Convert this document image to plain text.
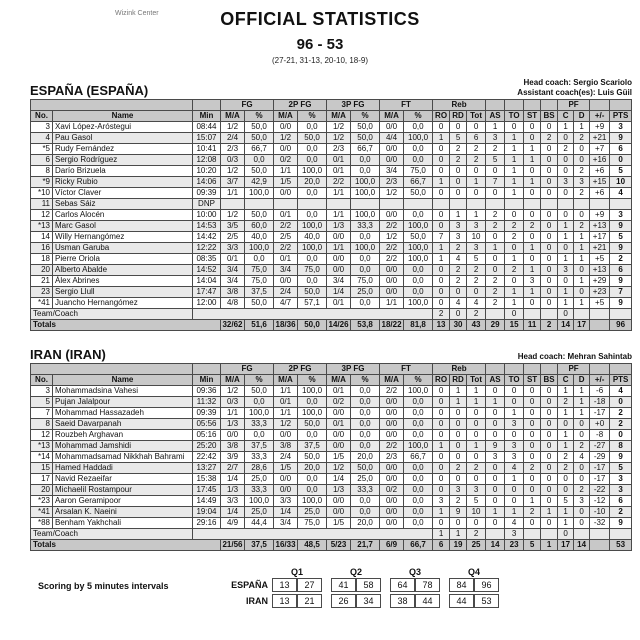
Wizink Center	OFFICIAL STATISTICS
96 - 53
(27-21, 31-13, 20-10, 18-9)
ESPAÑA (ESPAÑA)
Head coach: Sergio Scariolo
Assistant coach(es): Luis Güil
			FG		2P FG		3P FG		FT		Reb							PF			
No.	Name	Min	M/A	%	M/A	%	M/A	%	M/A	%	RO	RD	Tot	AS	TO	ST	BS	C	D	+/-	PTS
3	Xavi López-Aróstegui	08:44	1/2	50,0	0/0	0,0	1/2	50,0	0/0	0,0	0	0	0	1	0	0	0	1	1	+9	3
4	Pau Gasol	15:07	2/4	50,0	1/2	50,0	1/2	50,0	4/4	100,0	1	5	6	3	1	0	2	0	2	+21	9
*5	Rudy Fernández	10:41	2/3	66,7	0/0	0,0	2/3	66,7	0/0	0,0	0	2	2	2	1	1	0	2	0	+7	6
6	Sergio Rodríguez	12:08	0/3	0,0	0/2	0,0	0/1	0,0	0/0	0,0	0	2	2	5	1	1	0	0	0	+16	0
8	Darío Brizuela	10:20	1/2	50,0	1/1	100,0	0/1	0,0	3/4	75,0	0	0	0	0	1	0	0	0	2	+6	5
*9	Ricky Rubio	14:06	3/7	42,9	1/5	20,0	2/2	100,0	2/3	66,7	1	0	1	7	1	1	0	3	3	+15	10
*10	Víctor Claver	09:39	1/1	100,0	0/0	0,0	1/1	100,0	1/2	50,0	0	0	0	0	1	0	0	0	2	+6	4
11	Sebas Sáiz	DNP																			
12	Carlos Alocén	10:00	1/2	50,0	0/1	0,0	1/1	100,0	0/0	0,0	0	1	1	2	0	0	0	0	0	+9	3
*13	Marc Gasol	14:53	3/5	60,0	2/2	100,0	1/3	33,3	2/2	100,0	0	3	3	2	2	2	0	1	2	+13	9
14	Willy Hernangómez	14:42	2/5	40,0	2/5	40,0	0/0	0,0	1/2	50,0	7	3	10	0	2	0	0	1	1	+17	5
16	Usman Garuba	12:22	3/3	100,0	2/2	100,0	1/1	100,0	2/2	100,0	1	2	3	1	0	1	0	0	1	+21	9
18	Pierre Oriola	08:35	0/1	0,0	0/1	0,0	0/0	0,0	2/2	100,0	1	4	5	0	1	0	0	1	1	+5	2
20	Alberto Abalde	14:52	3/4	75,0	3/4	75,0	0/0	0,0	0/0	0,0	0	2	2	0	2	1	0	3	0	+13	6
21	Álex Abrines	14:04	3/4	75,0	0/0	0,0	3/4	75,0	0/0	0,0	0	2	2	2	0	3	0	0	1	+29	9
23	Sergio Llull	17:47	3/8	37,5	2/4	50,0	1/4	25,0	0/0	0,0	0	0	0	2	1	1	0	1	0	+23	7
*41	Juancho Hernangómez	12:00	4/8	50,0	4/7	57,1	0/1	0,0	1/1	100,0	0	4	4	2	1	0	0	1	1	+5	9
Team/Coach											2	0	2		0			0			
Totals			32/62	51,6	18/36	50,0	14/26	53,8	18/22	81,8	13	30	43	29	15	11	2	14	17		96
IRAN (IRAN)	Head coach: Mehran Sahintab
			FG		2P FG		3P FG		FT		Reb							PF			
No.	Name	Min	M/A	%	M/A	%	M/A	%	M/A	%	RO	RD	Tot	AS	TO	ST	BS	C	D	+/-	PTS
3	Mohammadsina Vahesi	09:36	1/2	50,0	1/1	100,0	0/1	0,0	2/2	100,0	0	1	1	0	0	0	0	1	1	-6	4
5	Pujan Jalalpour	11:32	0/3	0,0	0/1	0,0	0/2	0,0	0/0	0,0	0	1	1	1	0	0	0	2	1	-18	0
7	Mohammad Hassazadeh	09:39	1/1	100,0	1/1	100,0	0/0	0,0	0/0	0,0	0	0	0	0	1	0	0	1	1	-17	2
8	Saeid Davarpanah	05:56	1/3	33,3	1/2	50,0	0/1	0,0	0/0	0,0	0	0	0	0	3	0	0	0	0	+0	2
12	Rouzbeh Arghavan	05:16	0/0	0,0	0/0	0,0	0/0	0,0	0/0	0,0	0	0	0	0	0	0	0	1	0	-8	0
*13	Mohammad Jamshidi	25:20	3/8	37,5	3/8	37,5	0/0	0,0	2/2	100,0	1	0	1	9	3	0	0	1	2	-27	8
*14	Mohammadsamad Nikkhah Bahrami	22:42	3/9	33,3	2/4	50,0	1/5	20,0	2/3	66,7	0	0	0	3	3	0	0	2	4	-29	9
15	Hamed Haddadi	13:27	2/7	28,6	1/5	20,0	1/2	50,0	0/0	0,0	0	2	2	0	4	2	0	2	0	-17	5
17	Navid Rezaeifar	15:38	1/4	25,0	0/0	0,0	1/4	25,0	0/0	0,0	0	0	0	0	1	0	0	0	0	-17	3
20	Michaelil Rostampour	17:45	1/3	33,3	0/0	0,0	1/3	33,3	0/2	0,0	0	3	3	0	0	0	0	0	2	-22	3
*23	Aaron Geramipoor	14:49	3/3	100,0	3/3	100,0	0/0	0,0	0/0	0,0	3	2	5	0	0	1	0	5	3	-12	6
*41	Arsalan K. Naeini	19:04	1/4	25,0	1/4	25,0	0/0	0,0	0/0	0,0	1	9	10	1	1	2	1	1	0	-10	2
*88	Benham Yakhchali	29:16	4/9	44,4	3/4	75,0	1/5	20,0	0/0	0,0	0	0	0	0	4	0	0	1	0	-32	9
Team/Coach											1	1	2		3			0			
Totals			21/56	37,5	16/33	48,5	5/23	21,7	6/9	66,7	6	19	25	14	23	5	1	17	14		53
Scoring by 5 minutes intervals
Q1	Q2	Q3	Q4
ESPAÑA	13	27	41	58	64	78	84	96
IRAN	13	21	26	34	38	44	44	53
